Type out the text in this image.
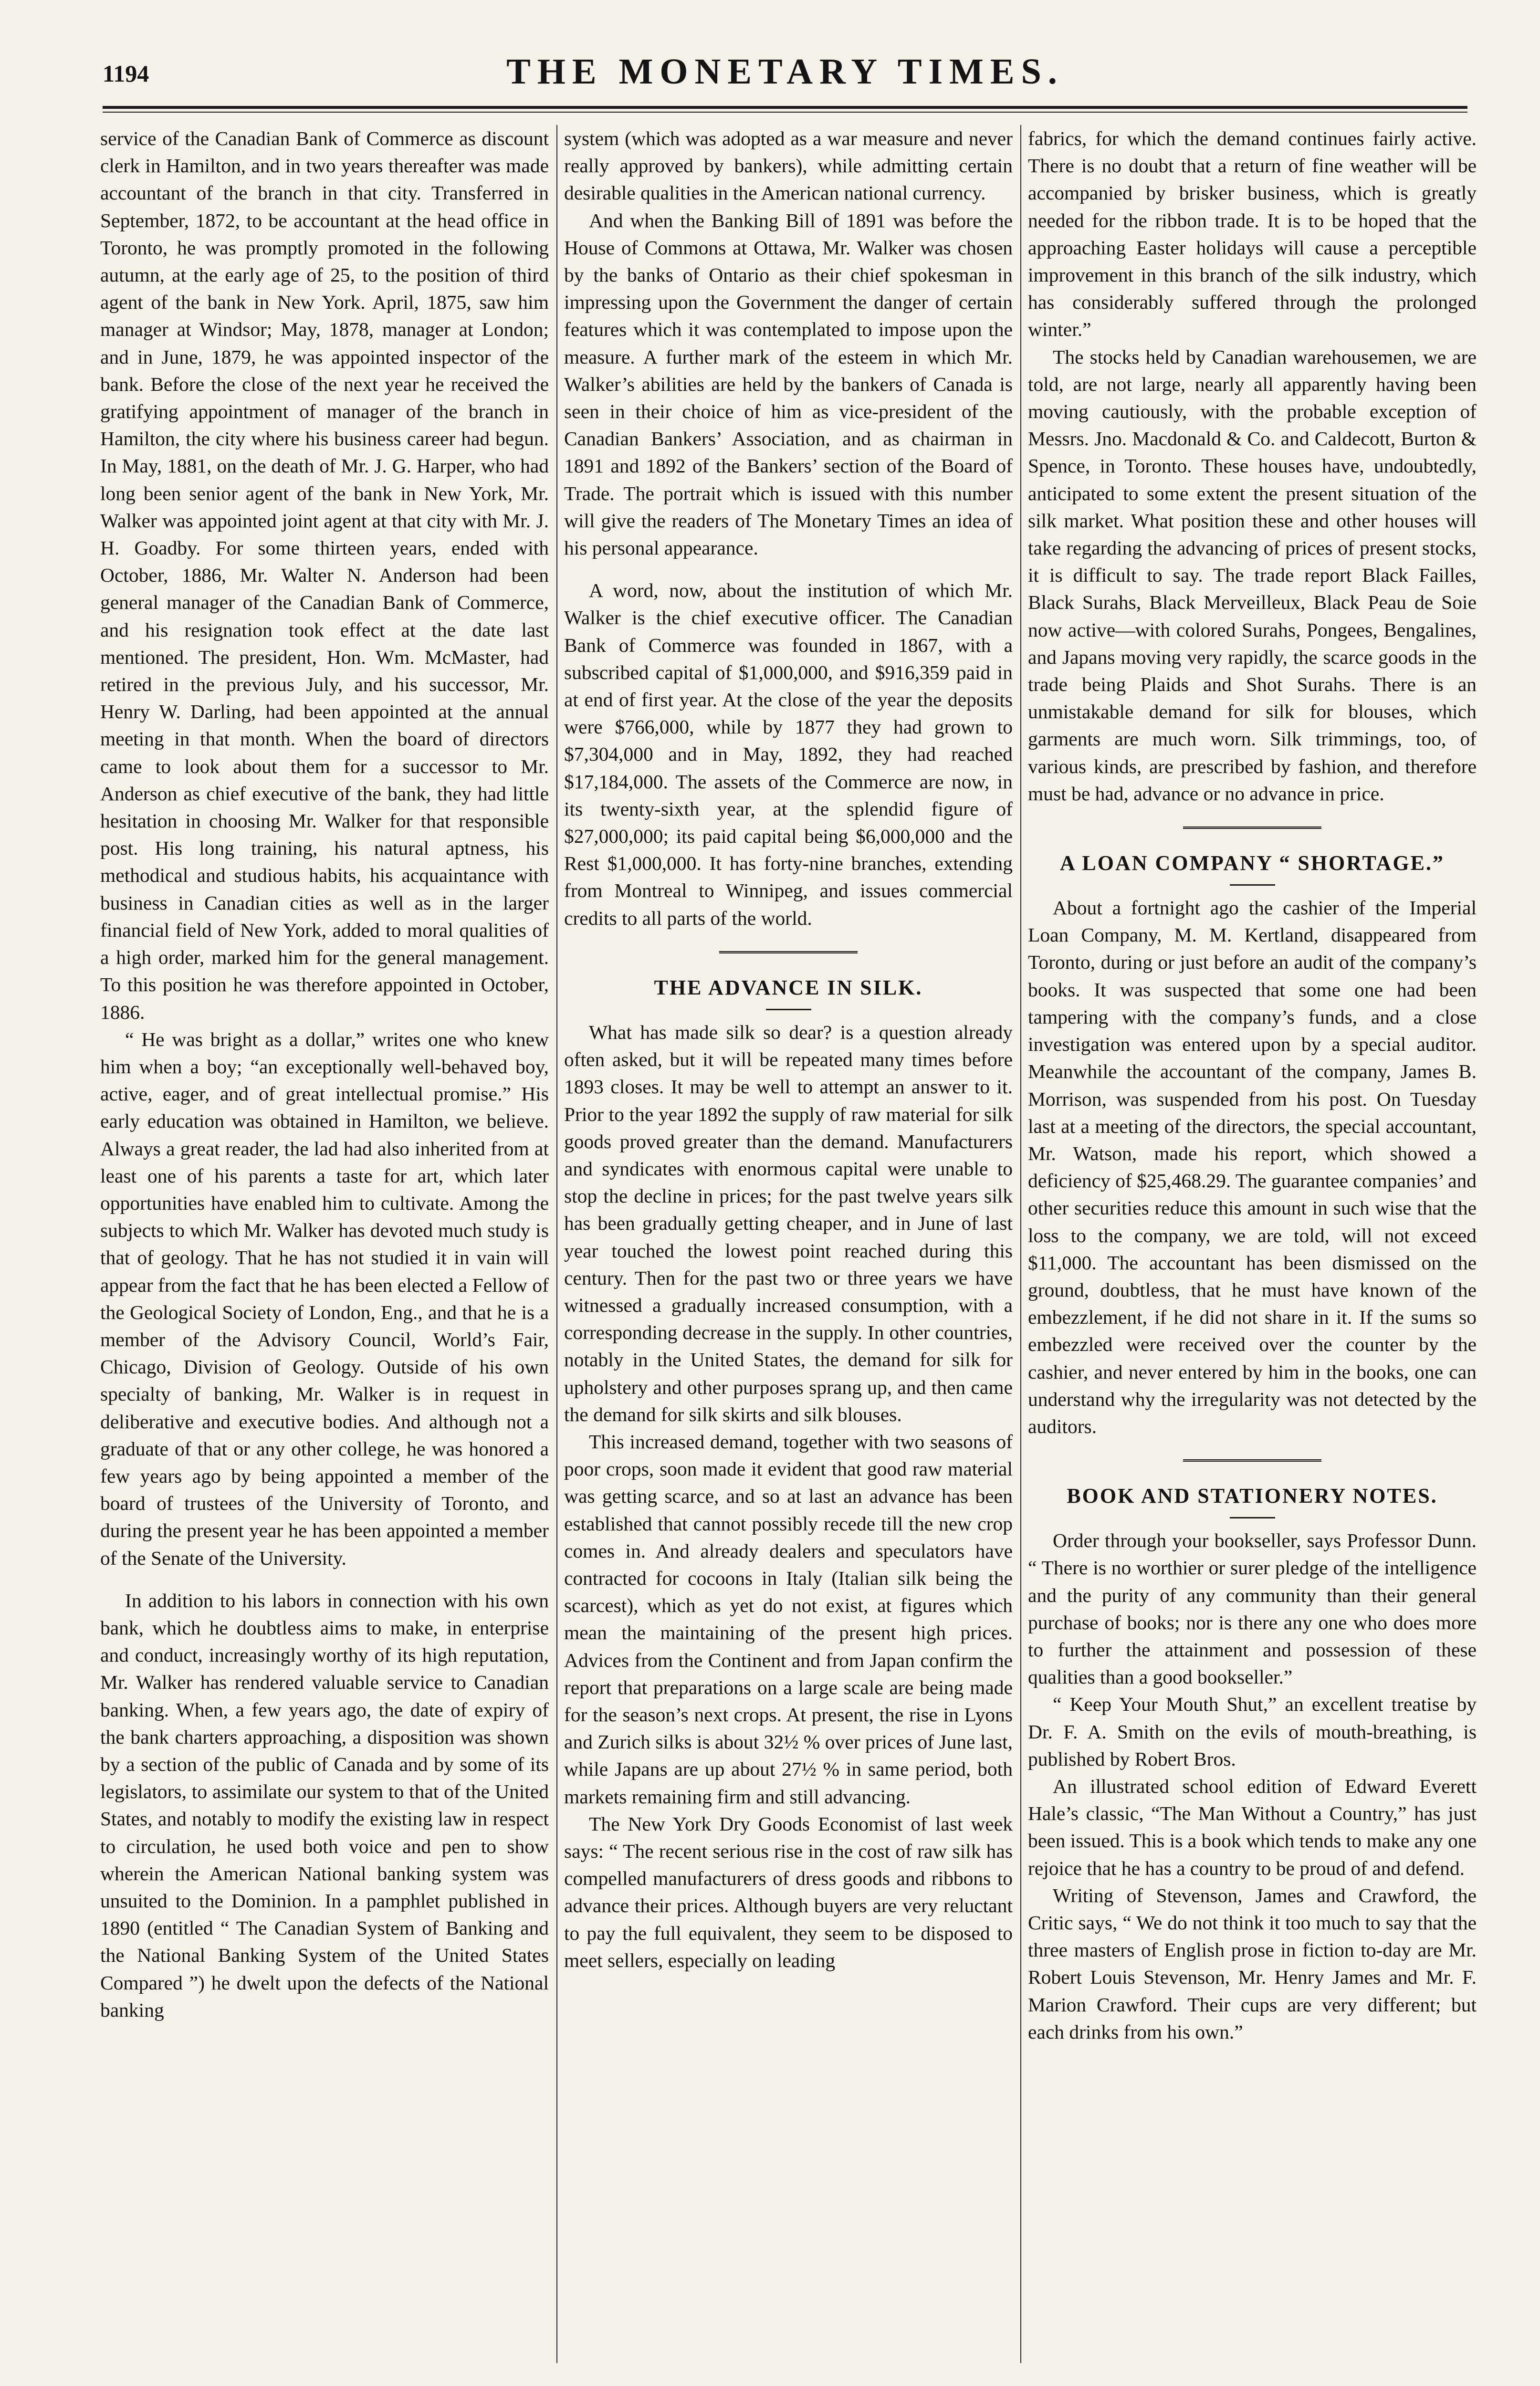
1194	THE MONETARY TIMES.

service of the Canadian Bank of Commerce as discount clerk in Hamilton, and in two years thereafter was made accountant of the branch in that city. Transferred in September, 1872, to be accountant at the head office in Toronto, he was promptly promoted in the following autumn, at the early age of 25, to the position of third agent of the bank in New York. April, 1875, saw him manager at Windsor; May, 1878, manager at London; and in June, 1879, he was appointed inspector of the bank. Before the close of the next year he received the gratifying appointment of manager of the branch in Hamilton, the city where his business career had begun. In May, 1881, on the death of Mr. J. G. Harper, who had long been senior agent of the bank in New York, Mr. Walker was appointed joint agent at that city with Mr. J. H. Goadby. For some thirteen years, ended with October, 1886, Mr. Walter N. Anderson had been general manager of the Canadian Bank of Commerce, and his resignation took effect at the date last mentioned. The president, Hon. Wm. McMaster, had retired in the previous July, and his successor, Mr. Henry W. Darling, had been appointed at the annual meeting in that month. When the board of directors came to look about them for a successor to Mr. Anderson as chief executive of the bank, they had little hesitation in choosing Mr. Walker for that responsible post. His long training, his natural aptness, his methodical and studious habits, his acquaintance with business in Canadian cities as well as in the larger financial field of New York, added to moral qualities of a high order, marked him for the general management. To this position he was therefore appointed in October, 1886.

“ He was bright as a dollar,” writes one who knew him when a boy; “an exceptionally well-behaved boy, active, eager, and of great intellectual promise.” His early education was obtained in Hamilton, we believe. Always a great reader, the lad had also inherited from at least one of his parents a taste for art, which later opportunities have enabled him to cultivate. Among the subjects to which Mr. Walker has devoted much study is that of geology. That he has not studied it in vain will appear from the fact that he has been elected a Fellow of the Geological Society of London, Eng., and that he is a member of the Advisory Council, World’s Fair, Chicago, Division of Geology. Outside of his own specialty of banking, Mr. Walker is in request in deliberative and executive bodies. And although not a graduate of that or any other college, he was honored a few years ago by being appointed a member of the board of trustees of the University of Toronto, and during the present year he has been appointed a member of the Senate of the University.

In addition to his labors in connection with his own bank, which he doubtless aims to make, in enterprise and conduct, increasingly worthy of its high reputation, Mr. Walker has rendered valuable service to Canadian banking. When, a few years ago, the date of expiry of the bank charters approaching, a disposition was shown by a section of the public of Canada and by some of its legislators, to assimilate our system to that of the United States, and notably to modify the existing law in respect to circulation, he used both voice and pen to show wherein the American National banking system was unsuited to the Dominion. In a pamphlet published in 1890 (entitled “ The Canadian System of Banking and the National Banking System of the United States Compared ”) he dwelt upon the defects of the National banking

system (which was adopted as a war measure and never really approved by bankers), while admitting certain desirable qualities in the American national currency.

And when the Banking Bill of 1891 was before the House of Commons at Ottawa, Mr. Walker was chosen by the banks of Ontario as their chief spokesman in impressing upon the Government the danger of certain features which it was contemplated to impose upon the measure. A further mark of the esteem in which Mr. Walker’s abilities are held by the bankers of Canada is seen in their choice of him as vice-president of the Canadian Bankers’ Association, and as chairman in 1891 and 1892 of the Bankers’ section of the Board of Trade. The portrait which is issued with this number will give the readers of The Monetary Times an idea of his personal appearance.

A word, now, about the institution of which Mr. Walker is the chief executive officer. The Canadian Bank of Commerce was founded in 1867, with a subscribed capital of $1,000,000, and $916,359 paid in at end of first year. At the close of the year the deposits were $766,000, while by 1877 they had grown to $7,304,000 and in May, 1892, they had reached $17,184,000. The assets of the Commerce are now, in its twenty-sixth year, at the splendid figure of $27,000,000; its paid capital being $6,000,000 and the Rest $1,000,000. It has forty-nine branches, extending from Montreal to Winnipeg, and issues commercial credits to all parts of the world.

THE ADVANCE IN SILK.

What has made silk so dear? is a question already often asked, but it will be repeated many times before 1893 closes. It may be well to attempt an answer to it. Prior to the year 1892 the supply of raw material for silk goods proved greater than the demand. Manufacturers and syndicates with enormous capital were unable to stop the decline in prices; for the past twelve years silk has been gradually getting cheaper, and in June of last year touched the lowest point reached during this century. Then for the past two or three years we have witnessed a gradually increased consumption, with a corresponding decrease in the supply. In other countries, notably in the United States, the demand for silk for upholstery and other purposes sprang up, and then came the demand for silk skirts and silk blouses.

This increased demand, together with two seasons of poor crops, soon made it evident that good raw material was getting scarce, and so at last an advance has been established that cannot possibly recede till the new crop comes in. And already dealers and speculators have contracted for cocoons in Italy (Italian silk being the scarcest), which as yet do not exist, at figures which mean the maintaining of the present high prices. Advices from the Continent and from Japan confirm the report that preparations on a large scale are being made for the season’s next crops. At present, the rise in Lyons and Zurich silks is about 32½ % over prices of June last, while Japans are up about 27½ % in same period, both markets remaining firm and still advancing.

The New York Dry Goods Economist of last week says: “ The recent serious rise in the cost of raw silk has compelled manufacturers of dress goods and ribbons to advance their prices. Although buyers are very reluctant to pay the full equivalent, they seem to be disposed to meet sellers, especially on leading

fabrics, for which the demand continues fairly active. There is no doubt that a return of fine weather will be accompanied by brisker business, which is greatly needed for the ribbon trade. It is to be hoped that the approaching Easter holidays will cause a perceptible improvement in this branch of the silk industry, which has considerably suffered through the prolonged winter.”

The stocks held by Canadian warehousemen, we are told, are not large, nearly all apparently having been moving cautiously, with the probable exception of Messrs. Jno. Macdonald & Co. and Caldecott, Burton & Spence, in Toronto. These houses have, undoubtedly, anticipated to some extent the present situation of the silk market. What position these and other houses will take regarding the advancing of prices of present stocks, it is difficult to say. The trade report Black Failles, Black Surahs, Black Merveilleux, Black Peau de Soie now active—with colored Surahs, Pongees, Bengalines, and Japans moving very rapidly, the scarce goods in the trade being Plaids and Shot Surahs. There is an unmistakable demand for silk for blouses, which garments are much worn. Silk trimmings, too, of various kinds, are prescribed by fashion, and therefore must be had, advance or no advance in price.

A LOAN COMPANY “ SHORTAGE.”

About a fortnight ago the cashier of the Imperial Loan Company, M. M. Kertland, disappeared from Toronto, during or just before an audit of the company’s books. It was suspected that some one had been tampering with the company’s funds, and a close investigation was entered upon by a special auditor. Meanwhile the accountant of the company, James B. Morrison, was suspended from his post. On Tuesday last at a meeting of the directors, the special accountant, Mr. Watson, made his report, which showed a deficiency of $25,468.29. The guarantee companies’ and other securities reduce this amount in such wise that the loss to the company, we are told, will not exceed $11,000. The accountant has been dismissed on the ground, doubtless, that he must have known of the embezzlement, if he did not share in it. If the sums so embezzled were received over the counter by the cashier, and never entered by him in the books, one can understand why the irregularity was not detected by the auditors.

BOOK AND STATIONERY NOTES.

Order through your bookseller, says Professor Dunn. “ There is no worthier or surer pledge of the intelligence and the purity of any community than their general purchase of books; nor is there any one who does more to further the attainment and possession of these qualities than a good bookseller.”

“ Keep Your Mouth Shut,” an excellent treatise by Dr. F. A. Smith on the evils of mouth-breathing, is published by Robert Bros.

An illustrated school edition of Edward Everett Hale’s classic, “The Man Without a Country,” has just been issued. This is a book which tends to make any one rejoice that he has a country to be proud of and defend.

Writing of Stevenson, James and Crawford, the Critic says, “ We do not think it too much to say that the three masters of English prose in fiction to-day are Mr. Robert Louis Stevenson, Mr. Henry James and Mr. F. Marion Crawford. Their cups are very different; but each drinks from his own.”
